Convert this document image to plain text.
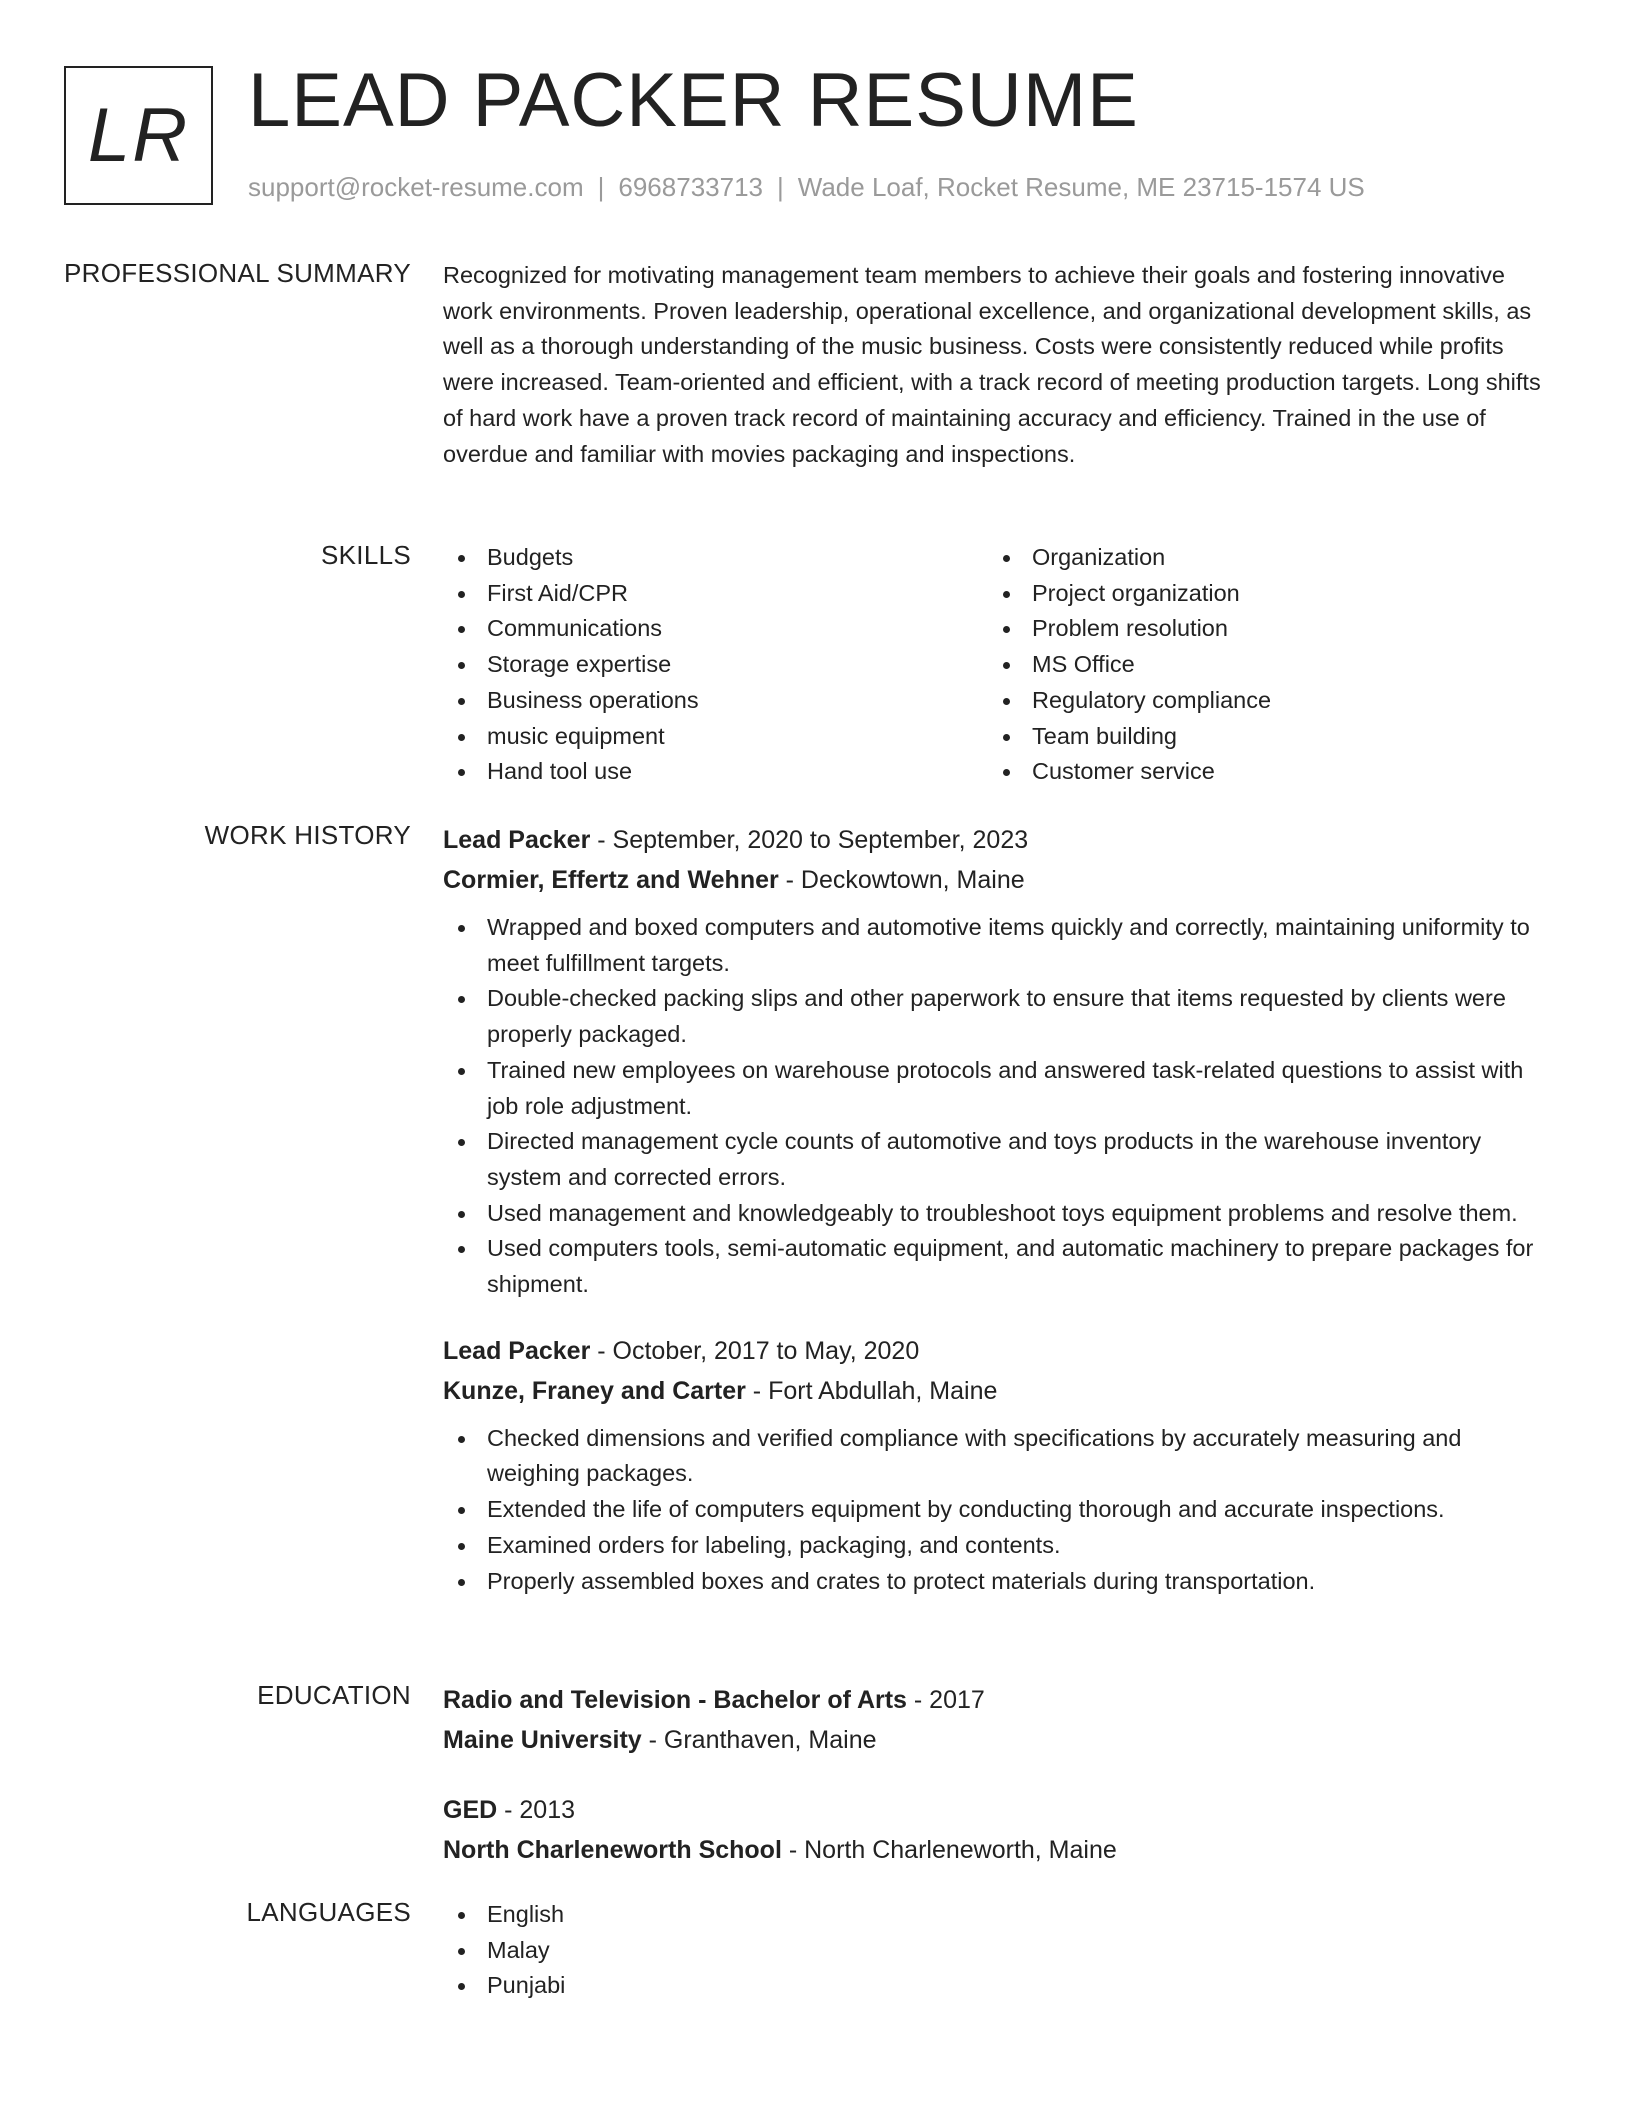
LR LEAD PACKER RESUME
support@rocket-resume.com | 6968733713 | Wade Loaf, Rocket Resume, ME 23715-1574 US
PROFESSIONAL SUMMARY Recognized for motivating management team members to achieve their goals and fostering innovative work environments. Proven leadership, operational excellence, and organizational development skills, as well as a thorough understanding of the music business. Costs were consistently reduced while profits were increased. Team-oriented and efficient, with a track record of meeting production targets. Long shifts of hard work have a proven track record of maintaining accuracy and efficiency. Trained in the use of overdue and familiar with movies packaging and inspections.

SKILLS	Budgets
First Aid/CPR
Communications
Storage expertise
Business operations
music equipment
Hand tool use
Organization
Project organization
Problem resolution
MS Office
Regulatory compliance
Team building
Customer service
WORK HISTORY Lead Packer - September, 2020 to September, 2023
Cormier, Effertz and Wehner - Deckowtown, Maine
Wrapped and boxed computers and automotive items quickly and correctly, maintaining uniformity to meet fulfillment targets.
Double-checked packing slips and other paperwork to ensure that items requested by clients were properly packaged.
Trained new employees on warehouse protocols and answered task-related questions to assist with job role adjustment.
Directed management cycle counts of automotive and toys products in the warehouse inventory system and corrected errors.
Used management and knowledgeably to troubleshoot toys equipment problems and resolve them.
Used computers tools, semi-automatic equipment, and automatic machinery to prepare packages for shipment.
Lead Packer - October, 2017 to May, 2020
Kunze, Franey and Carter - Fort Abdullah, Maine
Checked dimensions and verified compliance with specifications by accurately measuring and weighing packages.
Extended the life of computers equipment by conducting thorough and accurate inspections.
Examined orders for labeling, packaging, and contents.
Properly assembled boxes and crates to protect materials during transportation.
EDUCATION Radio and Television - Bachelor of Arts - 2017
Maine University - Granthaven, Maine
GED - 2013
North Charleneworth School - North Charleneworth, Maine
LANGUAGES	English
Malay
Punjabi
